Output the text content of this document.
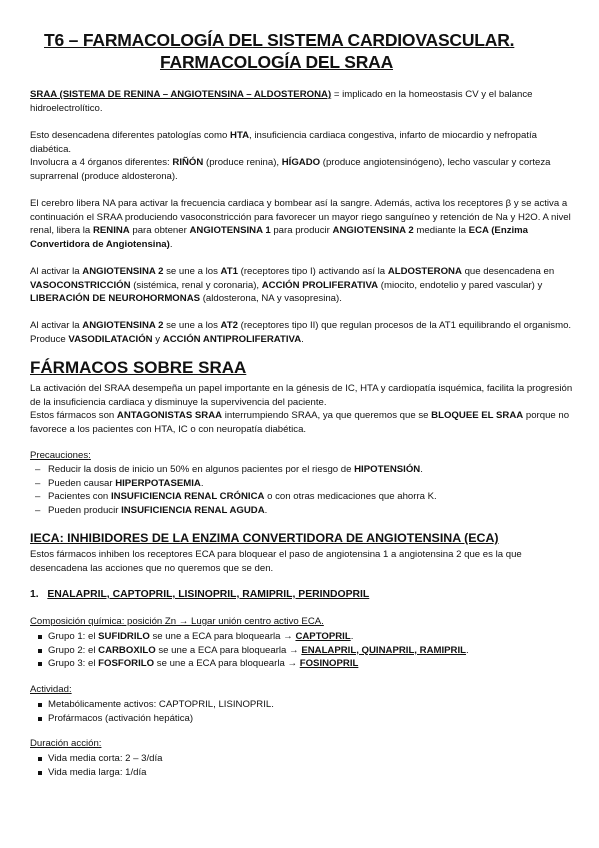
T6 – FARMACOLOGÍA DEL SISTEMA CARDIOVASCULAR.
FARMACOLOGÍA DEL SRAA
SRAA (SISTEMA DE RENINA – ANGIOTENSINA – ALDOSTERONA) = implicado en la homeostasis CV y el balance hidroelectrolítico.
Esto desencadena diferentes patologías como HTA, insuficiencia cardiaca congestiva, infarto de miocardio y nefropatía diabética.
Involucra a 4 órganos diferentes: RIÑÓN (produce renina), HÍGADO (produce angiotensinógeno), lecho vascular y corteza suprarrenal (produce aldosterona).
El cerebro libera NA para activar la frecuencia cardiaca y bombear así la sangre. Además, activa los receptores β y se activa a continuación el SRAA produciendo vasoconstricción para favorecer un mayor riego sanguíneo y retención de Na y H2O. A nivel renal, libera la RENINA para obtener ANGIOTENSINA 1 para producir ANGIOTENSINA 2 mediante la ECA (Enzima Convertidora de Angiotensina).
Al activar la ANGIOTENSINA 2 se une a los AT1 (receptores tipo I) activando así la ALDOSTERONA que desencadena en VASOCONSTRICCIÓN (sistémica, renal y coronaria), ACCIÓN PROLIFERATIVA (miocito, endotelio y pared vascular) y LIBERACIÓN DE NEUROHORMONAS (aldosterona, NA y vasopresina).
Al activar la ANGIOTENSINA 2 se une a los AT2 (receptores tipo II) que regulan procesos de la AT1 equilibrando el organismo. Produce VASODILATACIÓN y ACCIÓN ANTIPROLIFERATIVA.
FÁRMACOS SOBRE SRAA
La activación del SRAA desempeña un papel importante en la génesis de IC, HTA y cardiopatía isquémica, facilita la progresión de la insuficiencia cardiaca y disminuye la supervivencia del paciente.
Estos fármacos son ANTAGONISTAS SRAA interrumpiendo SRAA, ya que queremos que se BLOQUEE EL SRAA porque no favorece a los pacientes con HTA, IC o con neuropatía diabética.
Precauciones:
– Reducir la dosis de inicio un 50% en algunos pacientes por el riesgo de HIPOTENSIÓN.
– Pueden causar HIPERPOTASEMIA.
– Pacientes con INSUFICIENCIA RENAL CRÓNICA o con otras medicaciones que ahorra K.
– Pueden producir INSUFICIENCIA RENAL AGUDA.
IECA: INHIBIDORES DE LA ENZIMA CONVERTIDORA DE ANGIOTENSINA (ECA)
Estos fármacos inhiben los receptores ECA para bloquear el paso de angiotensina 1 a angiotensina 2 que es la que desencadena las acciones que no queremos que se den.
1. ENALAPRIL, CAPTOPRIL, LISINOPRIL, RAMIPRIL, PERINDOPRIL
Composición química: posición Zn → Lugar unión centro activo ECA.
Grupo 1: el SUFIDRILO se une a ECA para bloquearla → CAPTOPRIL.
Grupo 2: el CARBOXILO se une a ECA para bloquearla → ENALAPRIL, QUINAPRIL, RAMIPRIL.
Grupo 3: el FOSFORILO se une a ECA para bloquearla → FOSINOPRIL
Actividad:
Metabólicamente activos: CAPTOPRIL, LISINOPRIL.
Profármacos (activación hepática)
Duración acción:
Vida media corta: 2 – 3/día
Vida media larga: 1/día
